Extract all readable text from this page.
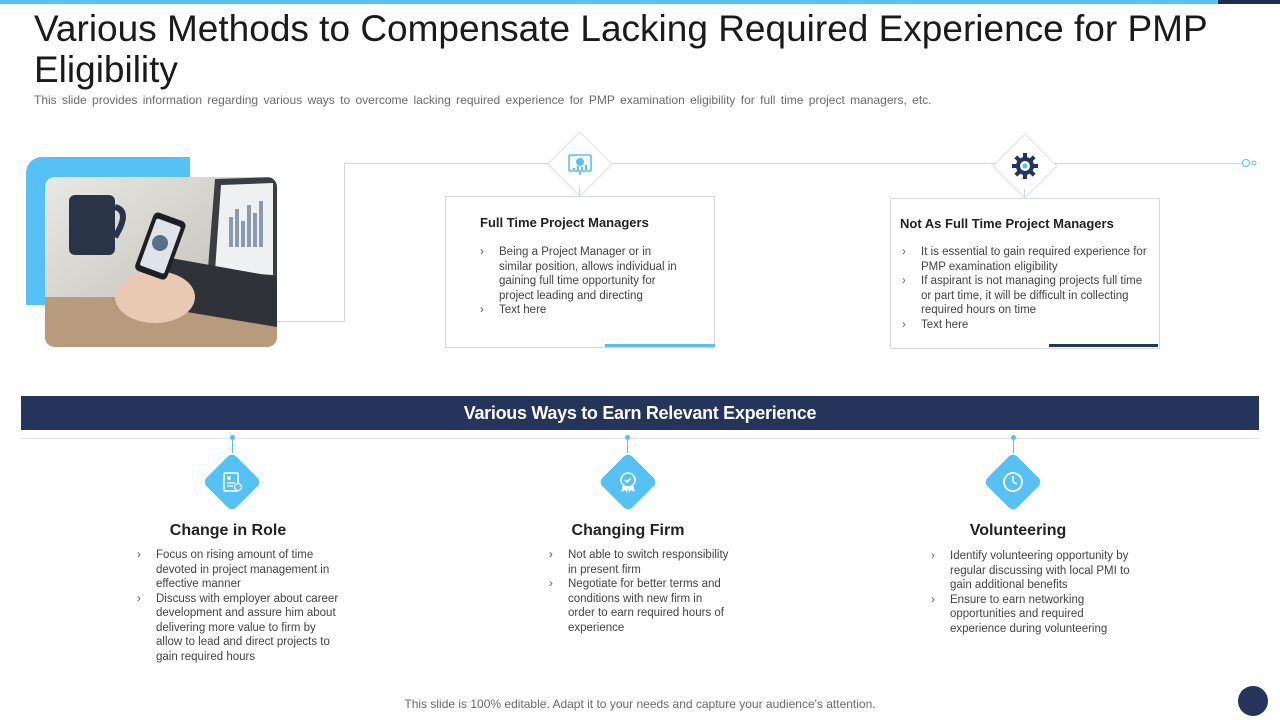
Various Methods to Compensate Lacking Required Experience for PMP Eligibility
This slide provides information regarding various ways to overcome lacking required experience for PMP examination eligibility for full time project managers, etc.
Full Time Project Managers
› Being a Project Manager or in similar position, allows individual in gaining full time opportunity for project leading and directing
› Text here
Not As Full Time Project Managers
› It is essential to gain required experience for PMP examination eligibility
› If aspirant is not managing projects full time or part time, it will be difficult in collecting required hours on time
› Text here
Various Ways to Earn Relevant Experience
Change in Role
› Focus on rising amount of time devoted in project management in effective manner
› Discuss with employer about career development and assure him about delivering more value to firm by allow to lead and direct projects to gain required hours
Changing Firm
› Not able to switch responsibility in present firm
› Negotiate for better terms and conditions with new firm in order to earn required hours of experience
Volunteering
› Identify volunteering opportunity by regular discussing with local PMI to gain additional benefits
› Ensure to earn networking opportunities and required experience during volunteering
This slide is 100% editable. Adapt it to your needs and capture your audience's attention.
